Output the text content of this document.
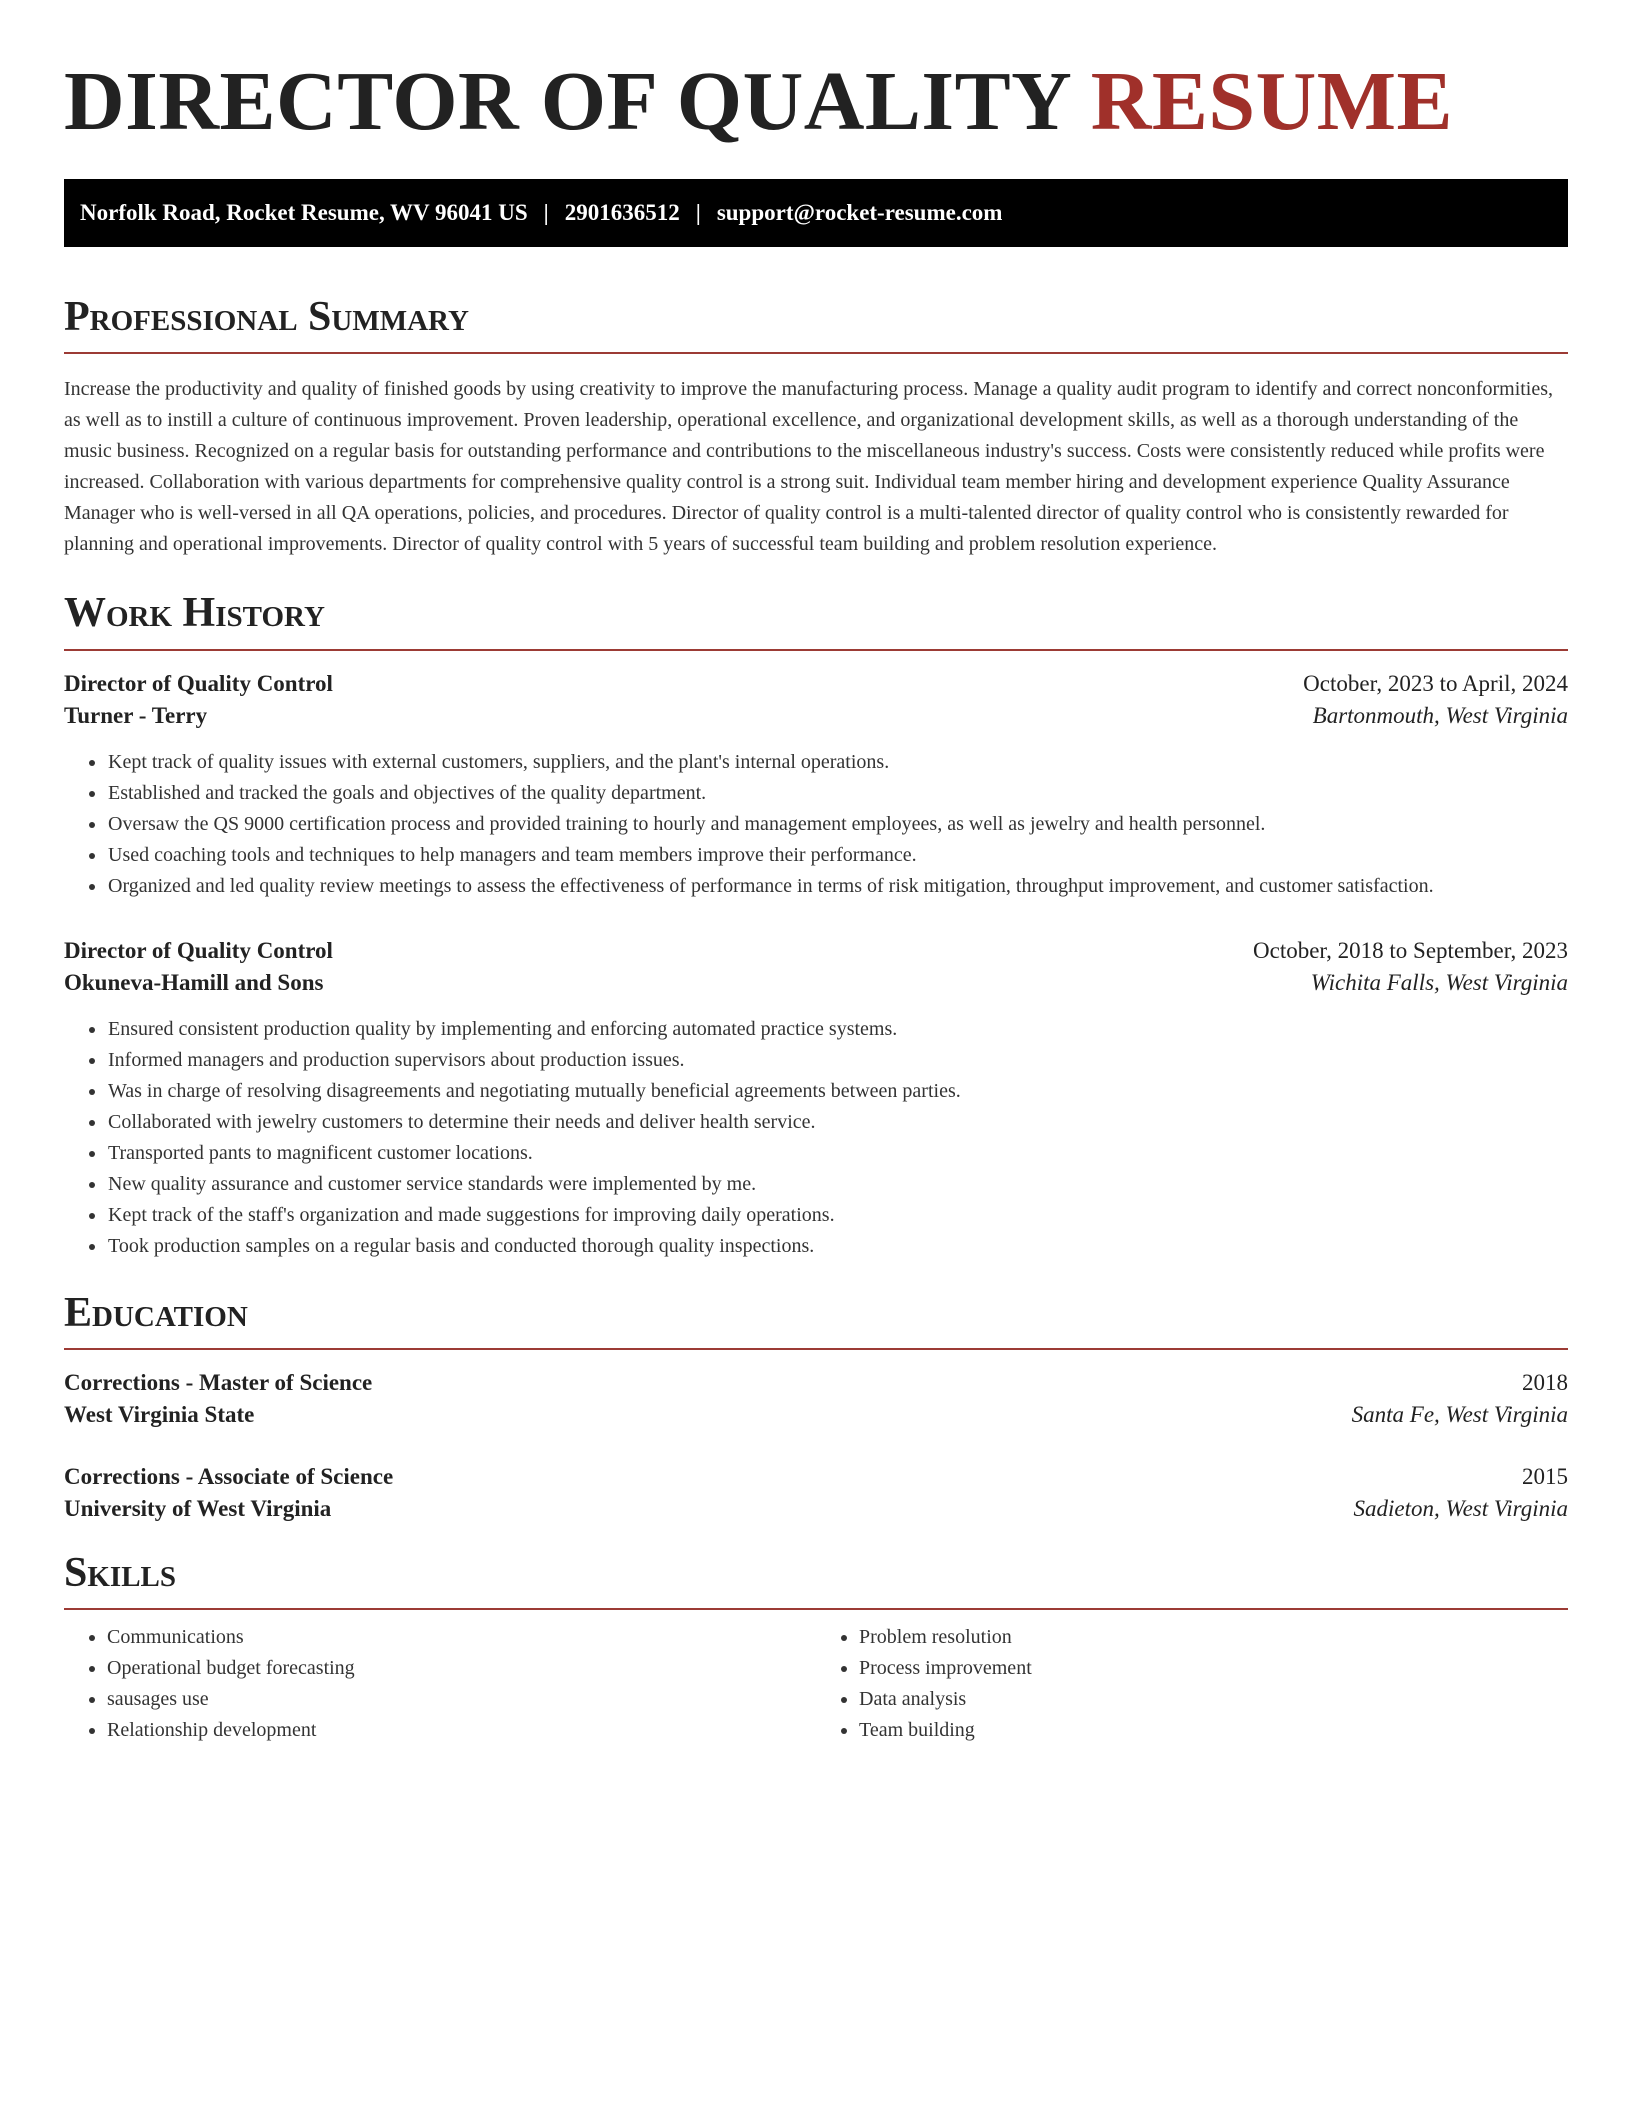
DIRECTOR OF QUALITY RESUME
Norfolk Road, Rocket Resume, WV 96041 US | 2901636512 | support@rocket-resume.com
Professional Summary

Increase the productivity and quality of finished goods by using creativity to improve the manufacturing process. Manage a quality audit program to identify and correct nonconformities, as well as to instill a culture of continuous improvement. Proven leadership, operational excellence, and organizational development skills, as well as a thorough understanding of the music business. Recognized on a regular basis for outstanding performance and contributions to the miscellaneous industry's success. Costs were consistently reduced while profits were increased. Collaboration with various departments for comprehensive quality control is a strong suit. Individual team member hiring and development experience Quality Assurance Manager who is well-versed in all QA operations, policies, and procedures. Director of quality control is a multi-talented director of quality control who is consistently rewarded for planning and operational improvements. Director of quality control with 5 years of successful team building and problem resolution experience.

Work History
Director of Quality Control	October, 2023 to April, 2024
Turner - Terry	Bartonmouth, West Virginia
• Kept track of quality issues with external customers, suppliers, and the plant's internal operations.
• Established and tracked the goals and objectives of the quality department.
• Oversaw the QS 9000 certification process and provided training to hourly and management employees, as well as jewelry and health personnel.
• Used coaching tools and techniques to help managers and team members improve their performance.
• Organized and led quality review meetings to assess the effectiveness of performance in terms of risk mitigation, throughput improvement, and customer satisfaction.
Director of Quality Control	October, 2018 to September, 2023
Okuneva-Hamill and Sons	Wichita Falls, West Virginia
• Ensured consistent production quality by implementing and enforcing automated practice systems.
• Informed managers and production supervisors about production issues.
• Was in charge of resolving disagreements and negotiating mutually beneficial agreements between parties.
• Collaborated with jewelry customers to determine their needs and deliver health service.
• Transported pants to magnificent customer locations.
• New quality assurance and customer service standards were implemented by me.
• Kept track of the staff's organization and made suggestions for improving daily operations.
• Took production samples on a regular basis and conducted thorough quality inspections.
Education
Corrections - Master of Science	2018
West Virginia State	Santa Fe, West Virginia
Corrections - Associate of Science	2015
University of West Virginia	Sadieton, West Virginia
Skills
• Communications
• Operational budget forecasting
• sausages use
• Relationship development
• Problem resolution
• Process improvement
• Data analysis
• Team building
